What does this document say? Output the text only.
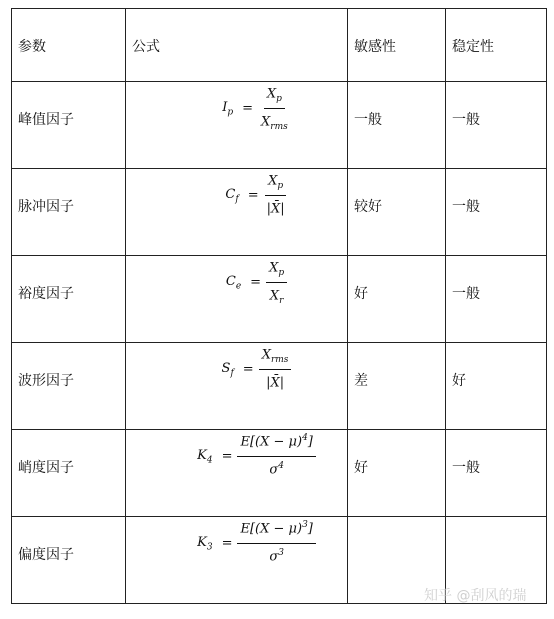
参数	公式	敏感性	稳定性

峰值因子	$I_p = \frac{X_p}{X_{rms}}$	一般	一般

脉冲因子	$C_f = \frac{X_p}{|X̄|}$	较好	一般

裕度因子	$C_e = \frac{X_p}{X_r}$	好	一般

波形因子	$S_f = \frac{X_{rms}}{|X̄|}$	差	好

峭度因子	$K_4 = \frac{E[(X - \mu)^4]}{\sigma^4}$	好	一般

偏度因子	$K_3 = \frac{E[(X - \mu)^3]}{\sigma^3}$

知乎 @刮风的瑞
